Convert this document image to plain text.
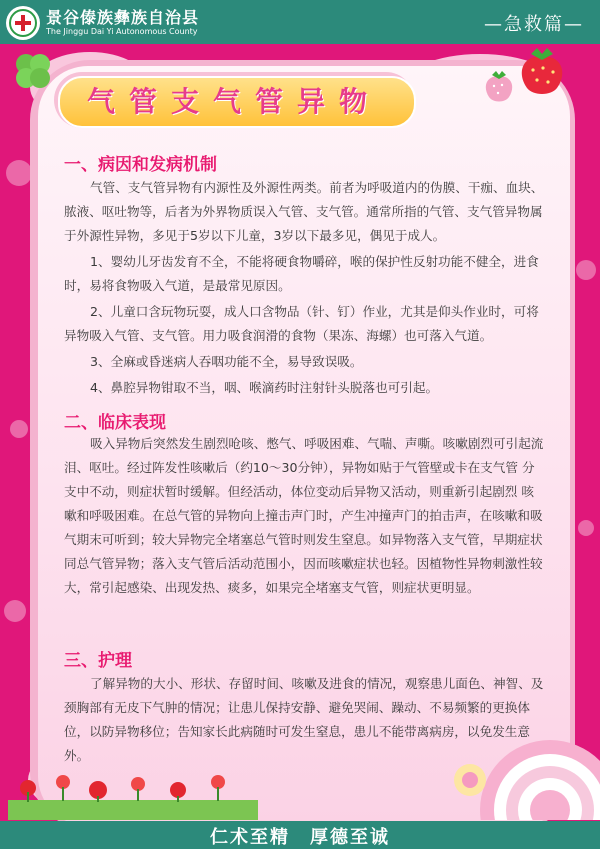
景谷傣族彝族自治县
The Jinggu Dai Yi Autonomous County	—急救篇—
气管支气管异物
一、病因和发病机制

气管、支气管异物有内源性及外源性两类。前者为呼吸道内的伪膜、干痂、血块、脓液、呕吐物等，后者为外界物质误入气管、支气管。通常所指的气管、支气管异物属于外源性异物，多见于5岁以下儿童，3岁以下最多见，偶见于成人。

1、婴幼儿牙齿发育不全，不能将硬食物嚼碎，喉的保护性反射功能不健全，进食时，易将食物吸入气道，是最常见原因。

2、儿童口含玩物玩耍，成人口含物品（针、钉）作业，尤其是仰头作业时，可将异物吸入气管、支气管。用力吸食润滑的食物（果冻、海螺）也可落入气道。

3、全麻或昏迷病人吞咽功能不全，易导致误吸。

4、鼻腔异物钳取不当，咽、喉滴药时注射针头脱落也可引起。

二、临床表现

吸入异物后突然发生剧烈呛咳、憋气、呼吸困难、气喘、声嘶。咳嗽剧烈可引起流泪、呕吐。经过阵发性咳嗽后（约10～30分钟），异物如贴于气管壁或卡在支气管 分支中不动，则症状暂时缓解。但经活动，体位变动后异物又活动，则重新引起剧烈 咳嗽和呼吸困难。在总气管的异物向上撞击声门时，产生冲撞声门的拍击声，在咳嗽和吸气期末可听到；较大异物完全堵塞总气管时则发生窒息。如异物落入支气管，早期症状同总气管异物；落入支气管后活动范围小，因而咳嗽症状也轻。因植物性异物刺激性较大，常引起感染、出现发热、痰多，如果完全堵塞支气管，则症状更明显。

三、护理

了解异物的大小、形状、存留时间、咳嗽及进食的情况，观察患儿面色、神智、及颈胸部有无皮下气肿的情况；让患儿保持安静、避免哭闹、躁动、不易频繁的更换体位，以防异物移位；告知家长此病随时可发生窒息，患儿不能带离病房，以免发生意外。

仁术至精　厚德至诚
